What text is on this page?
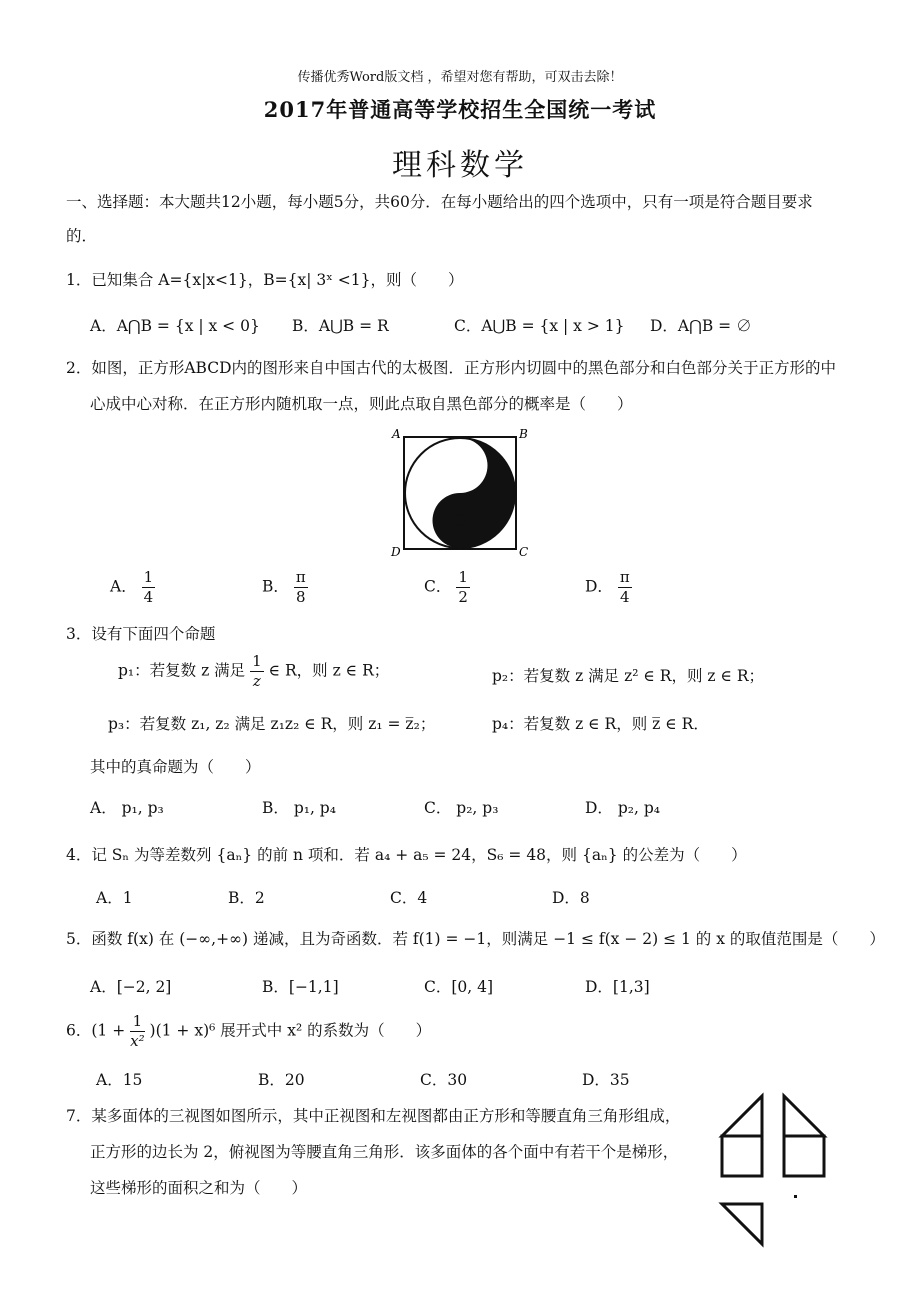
传播优秀Word版文档 ，希望对您有帮助，可双击去除！
2017年普通高等学校招生全国统一考试
理科数学
一、选择题：本大题共12小题，每小题5分，共60分．在每小题给出的四个选项中，只有一项是符合题目要求
的．
1．已知集合 A={x|x<1}，B={x| 3ˣ <1}，则（　　）
A．A⋂B = {x | x < 0} B．A⋃B = R	C．A⋃B = {x | x > 1} D．A⋂B = ∅
2．如图，正方形ABCD内的图形来自中国古代的太极图．正方形内切圆中的黑色部分和白色部分关于正方形的中
心成中心对称．在正方形内随机取一点，则此点取自黑色部分的概率是（　　）
A	B
C
D
A． $\frac{1}{4}$	B． $\frac{\pi}{8}$	C． $\frac{1}{2}$	D． $\frac{\pi}{4}$
3．设有下面四个命题
p₁：若复数 z 满足 $\frac{1}{z}$ ∈ R，则 z ∈ R；	p₂：若复数 z 满足 z² ∈ R，则 z ∈ R；
p₃：若复数 z₁, z₂ 满足 z₁z₂ ∈ R，则 z₁ = z̅₂；	p₄：若复数 z ∈ R，则 z̅ ∈ R．
其中的真命题为（　　）
A． p₁, p₃	B． p₁, p₄	C． p₂, p₃	D． p₂, p₄
4．记 Sₙ 为等差数列 {aₙ} 的前 n 项和．若 a₄ + a₅ = 24，S₆ = 48，则 {aₙ} 的公差为（　　）
A．1	B．2	C．4	D．8
5．函数 f(x) 在 (−∞,+∞) 递减，且为奇函数．若 f(1) = −1，则满足 −1 ≤ f(x − 2) ≤ 1 的 x 的取值范围是（　　）
A．[−2, 2]	B．[−1,1]	C．[0, 4]	D．[1,3]
6．$(1 + \frac{1}{\text{x²}} )(1 + x)^6$ 展开式中 x² 的系数为（　　）
A．15	B．20	C．30	D．35
7．某多面体的三视图如图所示，其中正视图和左视图都由正方形和等腰直角三角形组成，
正方形的边长为 2，俯视图为等腰直角三角形．该多面体的各个面中有若干个是梯形，
这些梯形的面积之和为（　　）
